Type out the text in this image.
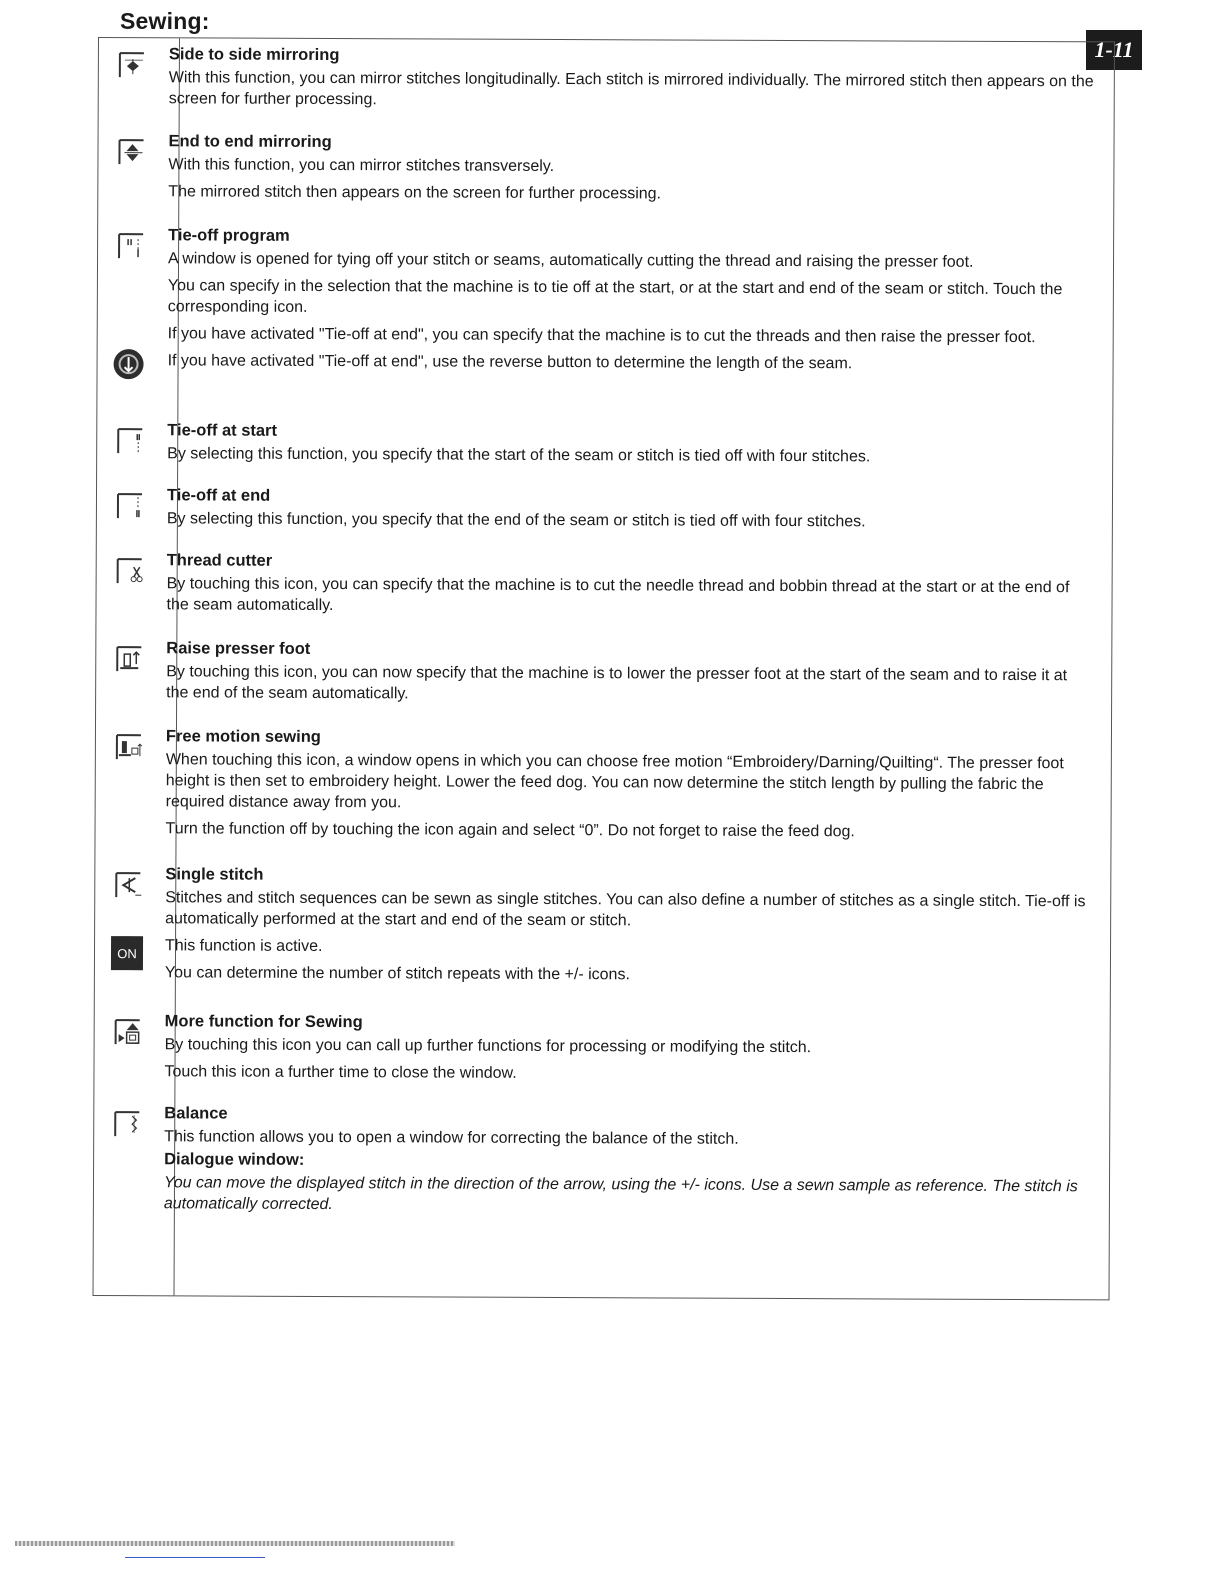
Sewing:
1-11

Side to side mirroring

With this function, you can mirror stitches longitudinally. Each stitch is mirrored individually. The mirrored stitch then appears on the screen for further processing.

End to end mirroring

With this function, you can mirror stitches transversely.

The mirrored stitch then appears on the screen for further processing.

Tie-off program

A window is opened for tying off your stitch or seams, automatically cutting the thread and raising the presser foot.

You can specify in the selection that the machine is to tie off at the start, or at the start and end of the seam or stitch. Touch the corresponding icon.

If you have activated "Tie-off at end", you can specify that the machine is to cut the threads and then raise the presser foot.

If you have activated "Tie-off at end", use the reverse button to determine the length of the seam.

Tie-off at start

By selecting this function, you specify that the start of the seam or stitch is tied off with four stitches.

Tie-off at end

By selecting this function, you specify that the end of the seam or stitch is tied off with four stitches.

Thread cutter

By touching this icon, you can specify that the machine is to cut the needle thread and bobbin thread at the start or at the end of the seam automatically.

Raise presser foot

By touching this icon, you can now specify that the machine is to lower the presser foot at the start of the seam and to raise it at the end of the seam automatically.

Free motion sewing

When touching this icon, a window opens in which you can choose free motion “Embroidery/Darning/Quilting“. The presser foot height is then set to embroidery height. Lower the feed dog. You can now determine the stitch length by pulling the fabric the required distance away from you.

Turn the function off by touching the icon again and select “0”. Do not forget to raise the feed dog.

ON

Single stitch

Stitches and stitch sequences can be sewn as single stitches. You can also define a number of stitches as a single stitch. Tie-off is automatically performed at the start and end of the seam or stitch.

This function is active.

You can determine the number of stitch repeats with the +/- icons.

More function for Sewing

By touching this icon you can call up further functions for processing or modifying the stitch.

Touch this icon a further time to close the window.

Balance

This function allows you to open a window for correcting the balance of the stitch.

Dialogue window:

You can move the displayed stitch in the direction of the arrow, using the +/- icons. Use a sewn sample as reference. The stitch is automatically corrected.
